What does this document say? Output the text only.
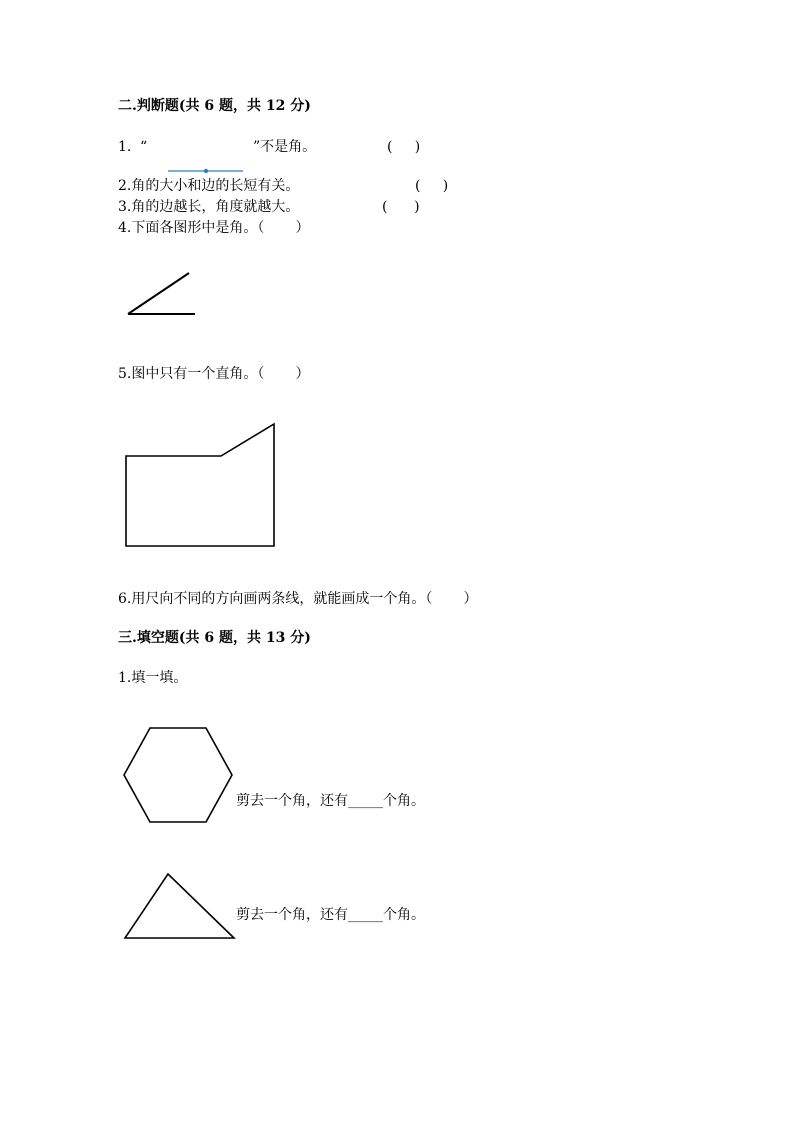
二.判断题(共 6 题，共 12 分)
1. “	”不是角。	(     )
2.角的大小和边的长短有关。	(     )
3.角的边越长，角度就越大。	(      )
4.下面各图形中是角。（       ）
5.图中只有一个直角。（       ）
6.用尺向不同的方向画两条线，就能画成一个角。（       ）
三.填空题(共 6 题，共 13 分)
1.填一填。
剪去一个角，还有_____个角。
剪去一个角，还有_____个角。
